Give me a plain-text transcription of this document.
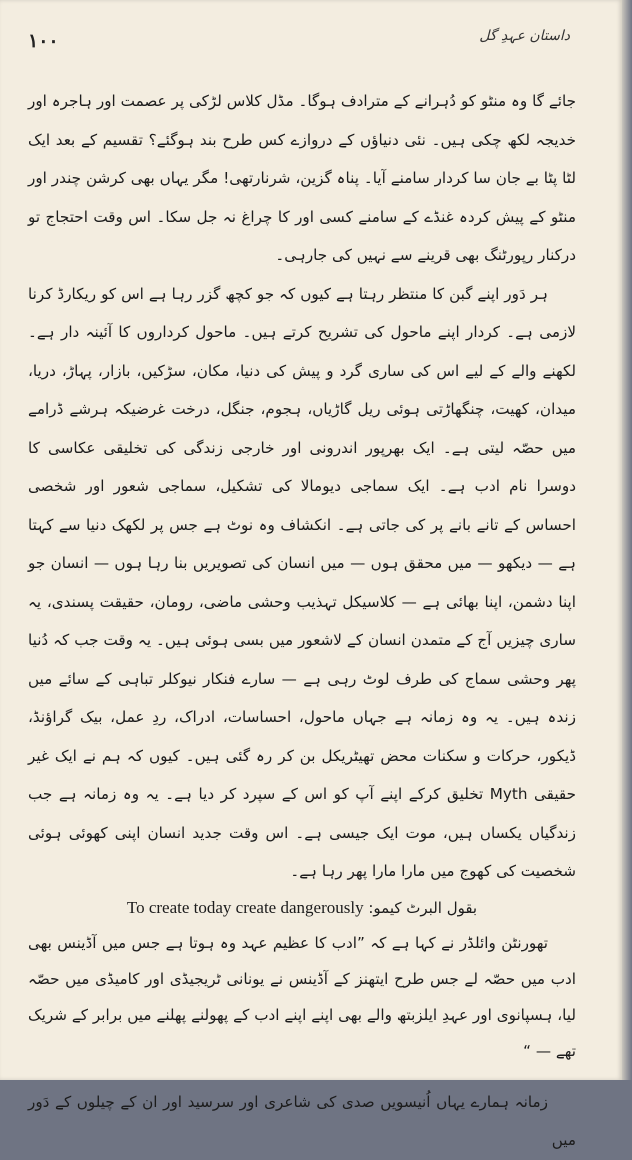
۱۰۰	داستان عہدِ گل

جائے گا وہ منٹو کو دُہرانے کے مترادف ہوگا۔ مڈل کلاس لڑکی پر عصمت اور ہاجرہ اور خدیجہ لکھ چکی ہیں۔ نئی دنیاؤں کے دروازے کس طرح بند ہوگئے؟ تقسیم کے بعد ایک لٹا پٹا بے جان سا کردار سامنے آیا۔ پناہ گزین، شرنارتھی! مگر یہاں بھی کرشن چندر اور منٹو کے پیش کردہ غنڈے کے سامنے کسی اور کا چراغ نہ جل سکا۔ اس وقت احتجاج تو درکنار رپورٹنگ بھی قرینے سے نہیں کی جارہی۔

ہر دَور اپنے گبن کا منتظر رہتا ہے کیوں کہ جو کچھ گزر رہا ہے اس کو ریکارڈ کرنا لازمی ہے۔ کردار اپنے ماحول کی تشریح کرتے ہیں۔ ماحول کرداروں کا آئینہ دار ہے۔ لکھنے والے کے لیے اس کی ساری گرد و پیش کی دنیا، مکان، سڑکیں، بازار، پہاڑ، دریا، میدان، کھیت، چنگھاڑتی ہوئی ریل گاڑیاں، ہجوم، جنگل، درخت غرضیکہ ہرشے ڈرامے میں حصّہ لیتی ہے۔ ایک بھرپور اندرونی اور خارجی زندگی کی تخلیقی عکاسی کا دوسرا نام ادب ہے۔ ایک سماجی دیومالا کی تشکیل، سماجی شعور اور شخصی احساس کے تانے بانے پر کی جاتی ہے۔ انکشاف وہ نوٹ ہے جس پر لکھک دنیا سے کہتا ہے — دیکھو — میں محقق ہوں — میں انسان کی تصویریں بنا رہا ہوں — انسان جو اپنا دشمن، اپنا بھائی ہے — کلاسیکل تہذیب وحشی ماضی، رومان، حقیقت پسندی، یہ ساری چیزیں آج کے متمدن انسان کے لاشعور میں بسی ہوئی ہیں۔ یہ وقت جب کہ دُنیا پھر وحشی سماج کی طرف لوٹ رہی ہے — سارے فنکار نیوکلر تباہی کے سائے میں زندہ ہیں۔ یہ وہ زمانہ ہے جہاں ماحول، احساسات، ادراک، ردِ عمل، بیک گراؤنڈ، ڈیکور، حرکات و سکنات محض تھیٹریکل بن کر رہ گئی ہیں۔ کیوں کہ ہم نے ایک غیر حقیقی Myth تخلیق کرکے اپنے آپ کو اس کے سپرد کر دیا ہے۔ یہ وہ زمانہ ہے جب زندگیاں یکساں ہیں، موت ایک جیسی ہے۔ اس وقت جدید انسان اپنی کھوئی ہوئی شخصیت کی کھوج میں مارا مارا پھر رہا ہے۔

بقول البرٹ کیمو: To create today create dangerously

تھورنٹن وائلڈر نے کہا ہے کہ ”ادب کا عظیم عہد وہ ہوتا ہے جس میں آڈینس بھی ادب میں حصّہ لے جس طرح ایتھنز کے آڈینس نے یونانی ٹریجیڈی اور کامیڈی میں حصّہ لیا، ہسپانوی اور عہدِ ایلزبتھ والے بھی اپنے اپنے ادب کے پھولنے پھلنے میں برابر کے شریک تھے — “

زمانہ ہمارے یہاں اُنیسویں صدی کی شاعری اور سرسید اور ان کے چیلوں کے دَور میں
